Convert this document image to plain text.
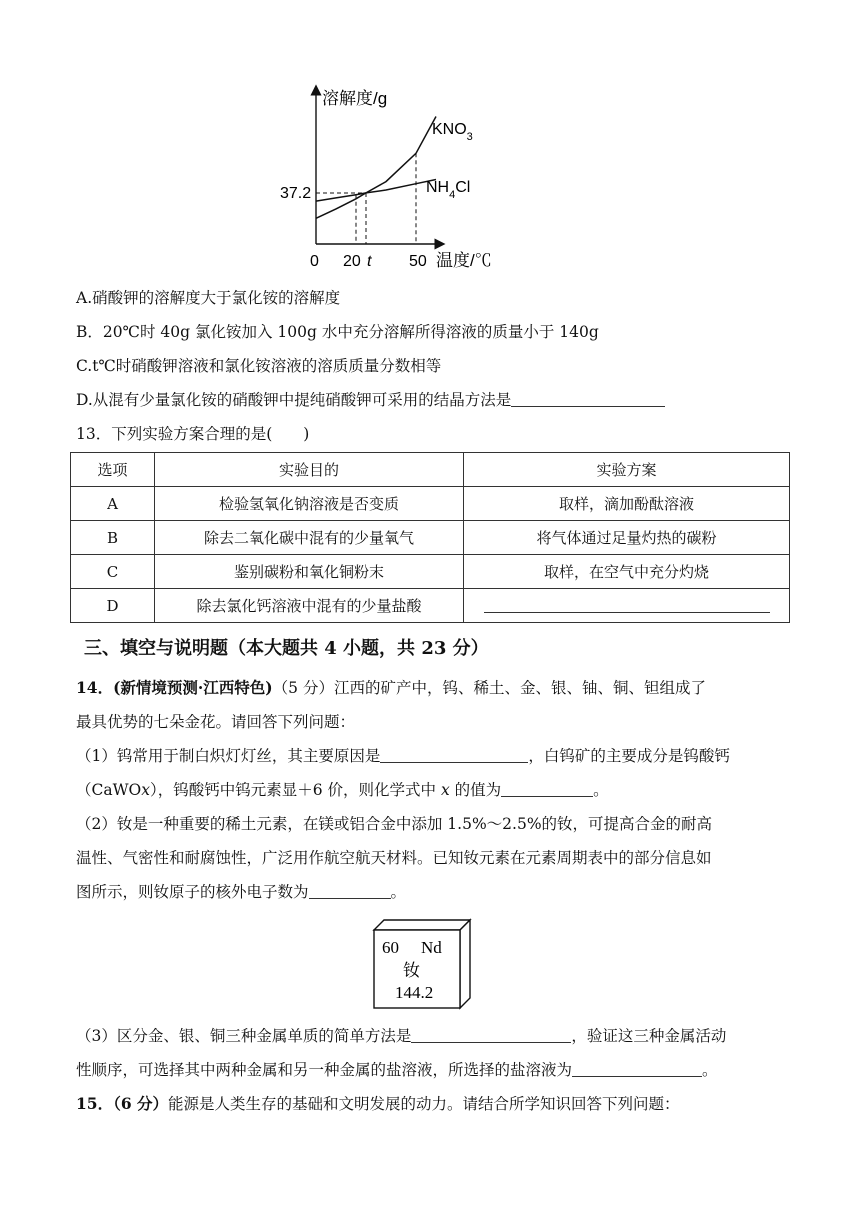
溶解度/g
温度/℃
0 20 t 50
37.2
$KNO_3$
$NH_4Cl$
A.硝酸钾的溶解度大于氯化铵的溶解度
B．20℃时 40g 氯化铵加入 100g 水中充分溶解所得溶液的质量小于 140g
C.t℃时硝酸钾溶液和氯化铵溶液的溶质质量分数相等
D.从混有少量氯化铵的硝酸钾中提纯硝酸钾可采用的结晶方法是
13．下列实验方案合理的是(　　)
选项	实验目的	实验方案
A	检验氢氧化钠溶液是否变质	取样，滴加酚酞溶液
B	除去二氧化碳中混有的少量氧气	将气体通过足量灼热的碳粉
C	鉴别碳粉和氧化铜粉末	取样，在空气中充分灼烧
D	除去氯化钙溶液中混有的少量盐酸	
三、填空与说明题（本大题共 4 小题，共 23 分）
14．(新情境预测·江西特色)（5 分）江西的矿产中，钨、稀土、金、银、铀、铜、钽组成了
最具优势的七朵金花。请回答下列问题：
（1）钨常用于制白炽灯灯丝，其主要原因是	，白钨矿的主要成分是钨酸钙
（CaWOx），钨酸钙中钨元素显＋6 价，则化学式中 x 的值为	。
（2）钕是一种重要的稀土元素，在镁或铝合金中添加 1.5%～2.5%的钕，可提高合金的耐高
温性、气密性和耐腐蚀性，广泛用作航空航天材料。已知钕元素在元素周期表中的部分信息如
图所示，则钕原子的核外电子数为	。
60 Nd
钕
144.2
（3）区分金、银、铜三种金属单质的简单方法是	，验证这三种金属活动
性顺序，可选择其中两种金属和另一种金属的盐溶液，所选择的盐溶液为	。
15．（6 分）能源是人类生存的基础和文明发展的动力。请结合所学知识回答下列问题：
